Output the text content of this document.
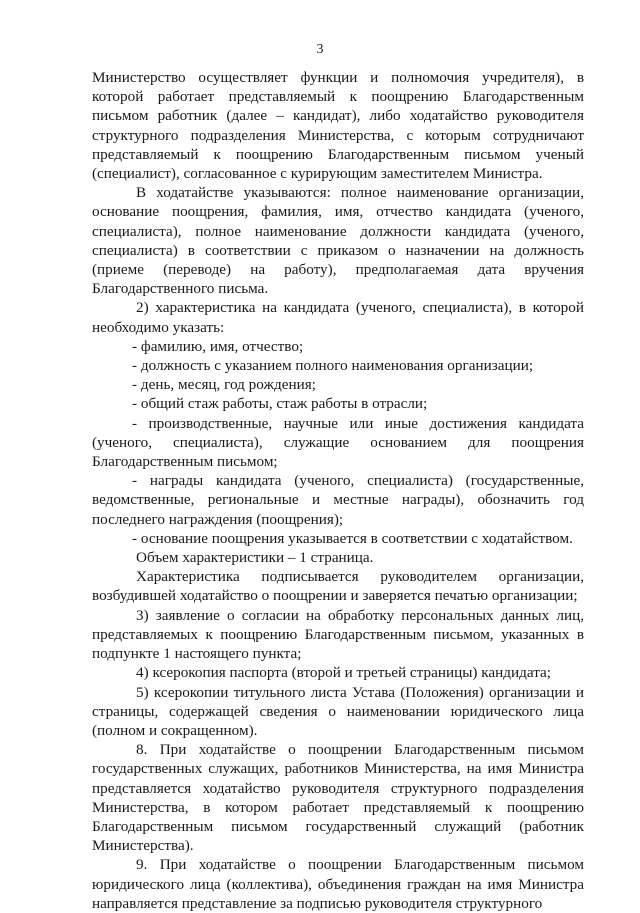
3

Министерство осуществляет функции и полномочия учредителя), в которой работает представляемый к поощрению Благодарственным письмом работник (далее – кандидат), либо ходатайство руководителя структурного подразделения Министерства, с которым сотрудничают представляемый к поощрению Благодарственным письмом ученый (специалист), согласованное с курирующим заместителем Министра.

В ходатайстве указываются: полное наименование организации, основание поощрения, фамилия, имя, отчество кандидата (ученого, специалиста), полное наименование должности кандидата (ученого, специалиста) в соответствии с приказом о назначении на должность (приеме (переводе) на работу), предполагаемая дата вручения Благодарственного письма.

2) характеристика на кандидата (ученого, специалиста), в которой необходимо указать:

- фамилию, имя, отчество;

- должность с указанием полного наименования организации;

- день, месяц, год рождения;

- общий стаж работы, стаж работы в отрасли;

- производственные, научные или иные достижения кандидата (ученого, специалиста), служащие основанием для поощрения Благодарственным письмом;

- награды кандидата (ученого, специалиста) (государственные, ведомственные, региональные и местные награды), обозначить год последнего награждения (поощрения);

- основание поощрения указывается в соответствии с ходатайством.

Объем характеристики – 1 страница.

Характеристика подписывается руководителем организации, возбудившей ходатайство о поощрении и заверяется печатью организации;

3) заявление о согласии на обработку персональных данных лиц, представляемых к поощрению Благодарственным письмом, указанных в подпункте 1 настоящего пункта;

4) ксерокопия паспорта (второй и третьей страницы) кандидата;

5) ксерокопии титульного листа Устава (Положения) организации и страницы, содержащей сведения о наименовании юридического лица (полном и сокращенном).

8. При ходатайстве о поощрении Благодарственным письмом государственных служащих, работников Министерства, на имя Министра представляется ходатайство руководителя структурного подразделения Министерства, в котором работает представляемый к поощрению Благодарственным письмом государственный служащий (работник Министерства).

9. При ходатайстве о поощрении Благодарственным письмом юридического лица (коллектива), объединения граждан на имя Министра направляется представление за подписью руководителя структурного
